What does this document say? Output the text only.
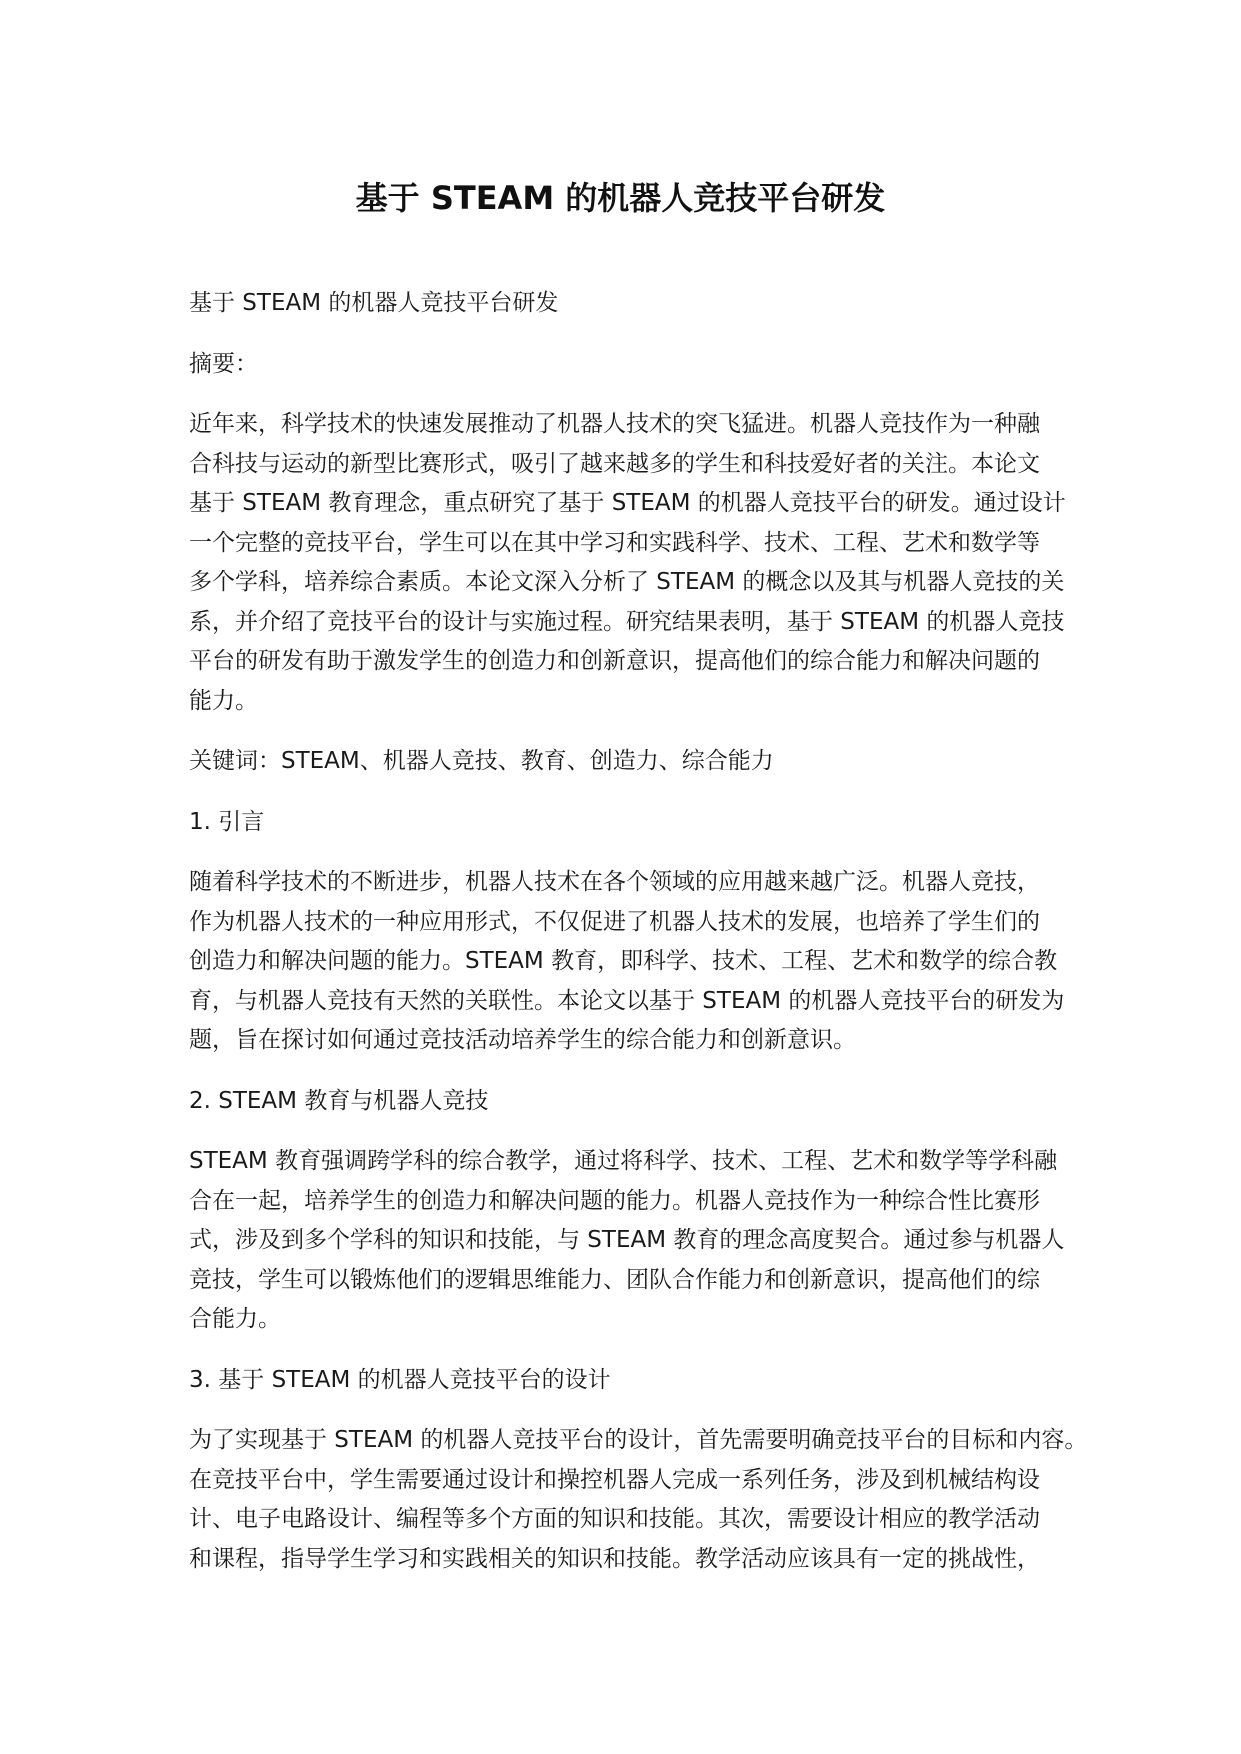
基于 STEAM 的机器人竞技平台研发

基于 STEAM 的机器人竞技平台研发

摘要：

近年来，科学技术的快速发展推动了机器人技术的突飞猛进。机器人竞技作为一种融
合科技与运动的新型比赛形式，吸引了越来越多的学生和科技爱好者的关注。本论文
基于 STEAM 教育理念，重点研究了基于 STEAM 的机器人竞技平台的研发。通过设计
一个完整的竞技平台，学生可以在其中学习和实践科学、技术、工程、艺术和数学等
多个学科，培养综合素质。本论文深入分析了 STEAM 的概念以及其与机器人竞技的关
系，并介绍了竞技平台的设计与实施过程。研究结果表明，基于 STEAM 的机器人竞技
平台的研发有助于激发学生的创造力和创新意识，提高他们的综合能力和解决问题的
能力。

关键词：STEAM、机器人竞技、教育、创造力、综合能力

1. 引言

随着科学技术的不断进步，机器人技术在各个领域的应用越来越广泛。机器人竞技，
作为机器人技术的一种应用形式，不仅促进了机器人技术的发展，也培养了学生们的
创造力和解决问题的能力。STEAM 教育，即科学、技术、工程、艺术和数学的综合教
育，与机器人竞技有天然的关联性。本论文以基于 STEAM 的机器人竞技平台的研发为
题，旨在探讨如何通过竞技活动培养学生的综合能力和创新意识。

2. STEAM 教育与机器人竞技

STEAM 教育强调跨学科的综合教学，通过将科学、技术、工程、艺术和数学等学科融
合在一起，培养学生的创造力和解决问题的能力。机器人竞技作为一种综合性比赛形
式，涉及到多个学科的知识和技能，与 STEAM 教育的理念高度契合。通过参与机器人
竞技，学生可以锻炼他们的逻辑思维能力、团队合作能力和创新意识，提高他们的综
合能力。

3. 基于 STEAM 的机器人竞技平台的设计

为了实现基于 STEAM 的机器人竞技平台的设计，首先需要明确竞技平台的目标和内容。
在竞技平台中，学生需要通过设计和操控机器人完成一系列任务，涉及到机械结构设
计、电子电路设计、编程等多个方面的知识和技能。其次，需要设计相应的教学活动
和课程，指导学生学习和实践相关的知识和技能。教学活动应该具有一定的挑战性，
